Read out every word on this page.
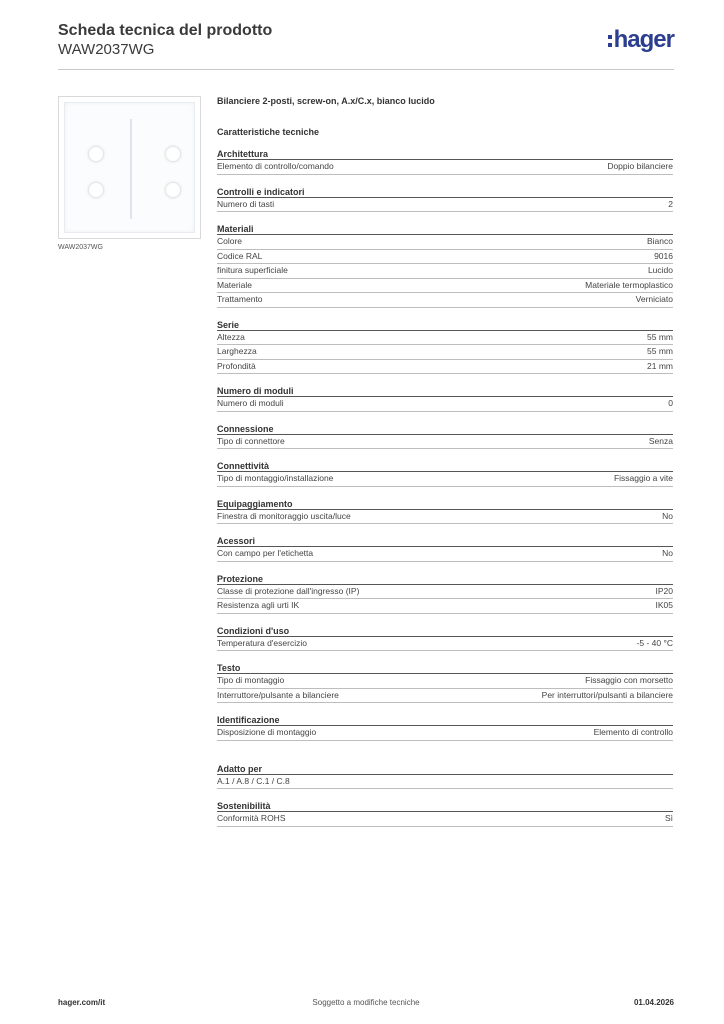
Scheda tecnica del prodotto
WAW2037WG	hager
WAW2037WG
Bilanciere 2-posti, screw-on, A.x/C.x, bianco lucido
Caratteristiche tecniche
Architettura
Elemento di controllo/comando	Doppio bilanciere
Controlli e indicatori
Numero di tasti	2
Materiali
Colore	Bianco
Codice RAL	9016
finitura superficiale	Lucido
Materiale	Materiale termoplastico
Trattamento	Verniciato
Serie
Altezza	55 mm
Larghezza	55 mm
Profondità	21 mm
Numero di moduli
Numero di moduli	0
Connessione
Tipo di connettore	Senza
Connettività
Tipo di montaggio/installazione	Fissaggio a vite
Equipaggiamento
Finestra di monitoraggio uscita/luce	No
Acessori
Con campo per l'etichetta	No
Protezione
Classe di protezione dall'ingresso (IP)	IP20
Resistenza agli urti IK	IK05
Condizioni d'uso
Temperatura d'esercizio	-5 - 40 °C
Testo
Tipo di montaggio	Fissaggio con morsetto
Interruttore/pulsante a bilanciere	Per interruttori/pulsanti a bilanciere
Identificazione
Disposizione di montaggio	Elemento di controllo
Adatto per
A.1 / A.8 / C.1 / C.8
Sostenibilità
Conformità ROHS	Sì
hager.com/it	Soggetto a modifiche tecniche	01.04.2026
